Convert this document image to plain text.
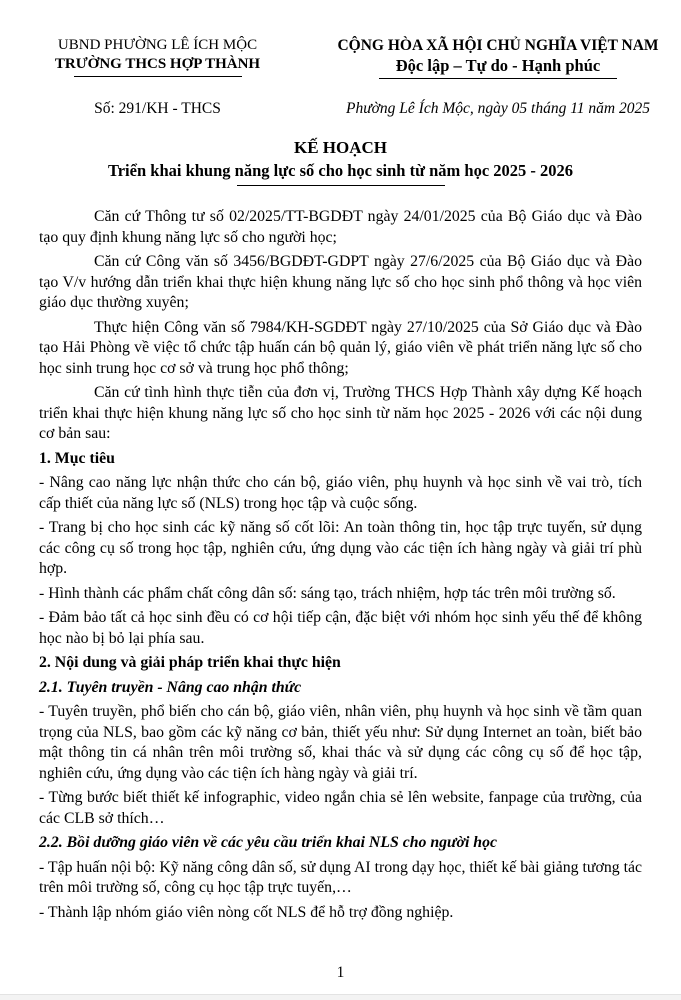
UBND PHƯỜNG LÊ ÍCH MỘC
TRƯỜNG THCS HỢP THÀNH
CỘNG HÒA XÃ HỘI CHỦ NGHĨA VIỆT NAM
Độc lập – Tự do - Hạnh phúc
Số: 291/KH - THCS	Phường Lê Ích Mộc, ngày 05 tháng 11 năm 2025
KẾ HOẠCH
Triển khai khung năng lực số cho học sinh từ năm học 2025 - 2026

Căn cứ Thông tư số 02/2025/TT-BGDĐT ngày 24/01/2025 của Bộ Giáo dục và Đào tạo quy định khung năng lực số cho người học;

Căn cứ Công văn số 3456/BGDĐT-GDPT ngày 27/6/2025 của Bộ Giáo dục và Đào tạo V/v hướng dẫn triển khai thực hiện khung năng lực số cho học sinh phổ thông và học viên giáo dục thường xuyên;

Thực hiện Công văn số 7984/KH-SGDĐT ngày 27/10/2025 của Sở Giáo dục và Đào tạo Hải Phòng về việc tổ chức tập huấn cán bộ quản lý, giáo viên về phát triển năng lực số cho học sinh trung học cơ sở và trung học phổ thông;

Căn cứ tình hình thực tiễn của đơn vị, Trường THCS Hợp Thành xây dựng Kế hoạch triển khai thực hiện khung năng lực số cho học sinh từ năm học 2025 - 2026 với các nội dung cơ bản sau:

1. Mục tiêu

- Nâng cao năng lực nhận thức cho cán bộ, giáo viên, phụ huynh và học sinh về vai trò, tích cấp thiết của năng lực số (NLS) trong học tập và cuộc sống.

- Trang bị cho học sinh các kỹ năng số cốt lõi: An toàn thông tin, học tập trực tuyến, sử dụng các công cụ số trong học tập, nghiên cứu, ứng dụng vào các tiện ích hàng ngày và giải trí phù hợp.

- Hình thành các phẩm chất công dân số: sáng tạo, trách nhiệm, hợp tác trên môi trường số.

- Đảm bảo tất cả học sinh đều có cơ hội tiếp cận, đặc biệt với nhóm học sinh yếu thế để không học nào bị bỏ lại phía sau.

2. Nội dung và giải pháp triển khai thực hiện

2.1. Tuyên truyền - Nâng cao nhận thức

- Tuyên truyền, phổ biến cho cán bộ, giáo viên, nhân viên, phụ huynh và học sinh về tầm quan trọng của NLS, bao gồm các kỹ năng cơ bản, thiết yếu như: Sử dụng Internet an toàn, biết bảo mật thông tin cá nhân trên môi trường số, khai thác và sử dụng các công cụ số để học tập, nghiên cứu, ứng dụng vào các tiện ích hàng ngày và giải trí.

- Từng bước biết thiết kế infographic, video ngắn chia sẻ lên website, fanpage của trường, của các CLB sở thích…

2.2. Bồi dưỡng giáo viên về các yêu cầu triển khai NLS cho người học

- Tập huấn nội bộ: Kỹ năng công dân số, sử dụng AI trong dạy học, thiết kế bài giảng tương tác trên môi trường số, công cụ học tập trực tuyến,…

- Thành lập nhóm giáo viên nòng cốt NLS để hỗ trợ đồng nghiệp.

1
